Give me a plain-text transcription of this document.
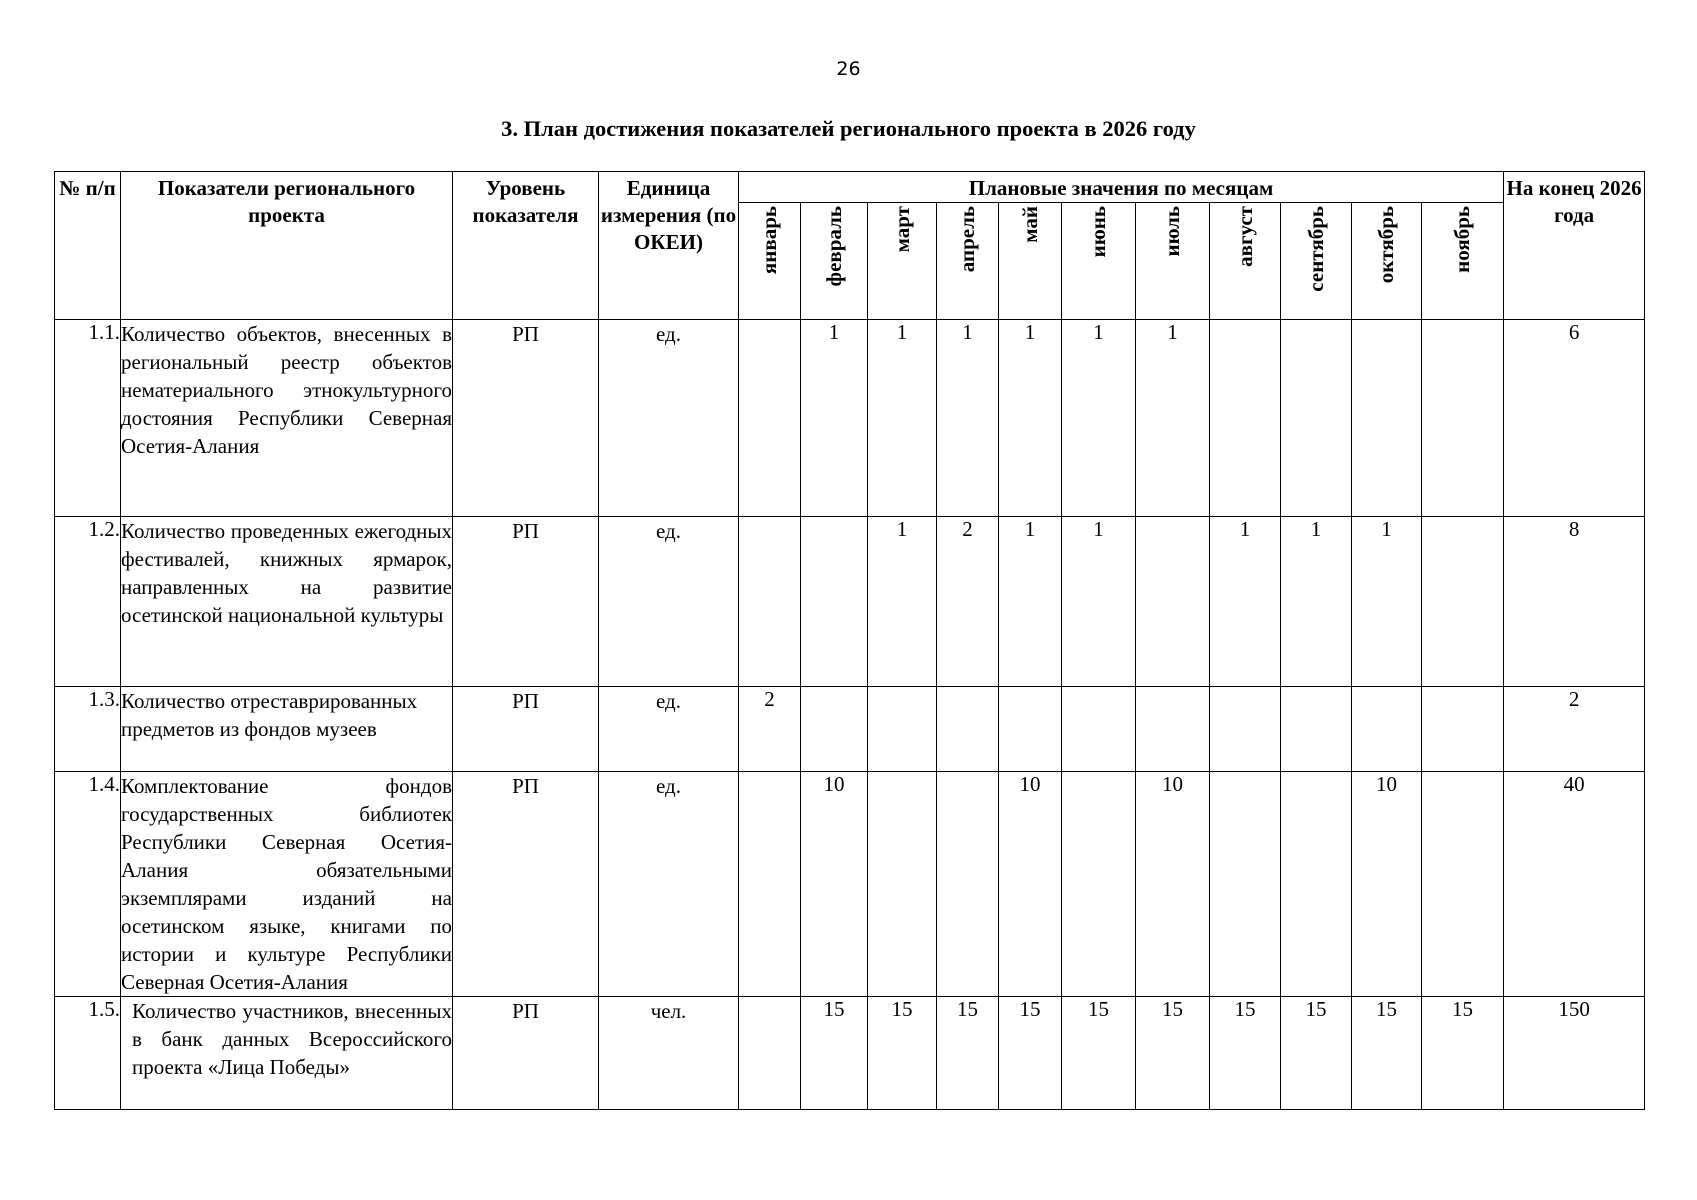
26
3. План достижения показателей регионального проекта в 2026 году
№ п/п	Показатели регионального проекта	Уровень показателя	Единица измерения (по ОКЕИ)	Плановые значения по месяцам											На конец 2026 года
				январь	февраль	март	апрель	май	июнь	июль	август	сентябрь	октябрь	ноябрь	
1.1.	Количество объектов, внесенных в региональный реестр объектов нематериального этнокультурного достояния Республики Северная Осетия-Алания	РП	ед.		1	1	1	1	1	1					6
1.2.	Количество проведенных ежегодных фестивалей, книжных ярмарок, направленных на развитие осетинской национальной культуры	РП	ед.			1	2	1	1		1	1	1		8
1.3.	Количество отреставрированных предметов из фондов музеев	РП	ед.	2											2
1.4.	Комплектование фондов государственных библиотек Республики Северная Осетия-Алания обязательными экземплярами изданий на осетинском языке, книгами по истории и культуре Республики Северная Осетия-Алания	РП	ед.		10			10		10			10		40
1.5.	Количество участников, внесенных в банк данных Всероссийского проекта «Лица Победы»	РП	чел.		15	15	15	15	15	15	15	15	15	15	150
